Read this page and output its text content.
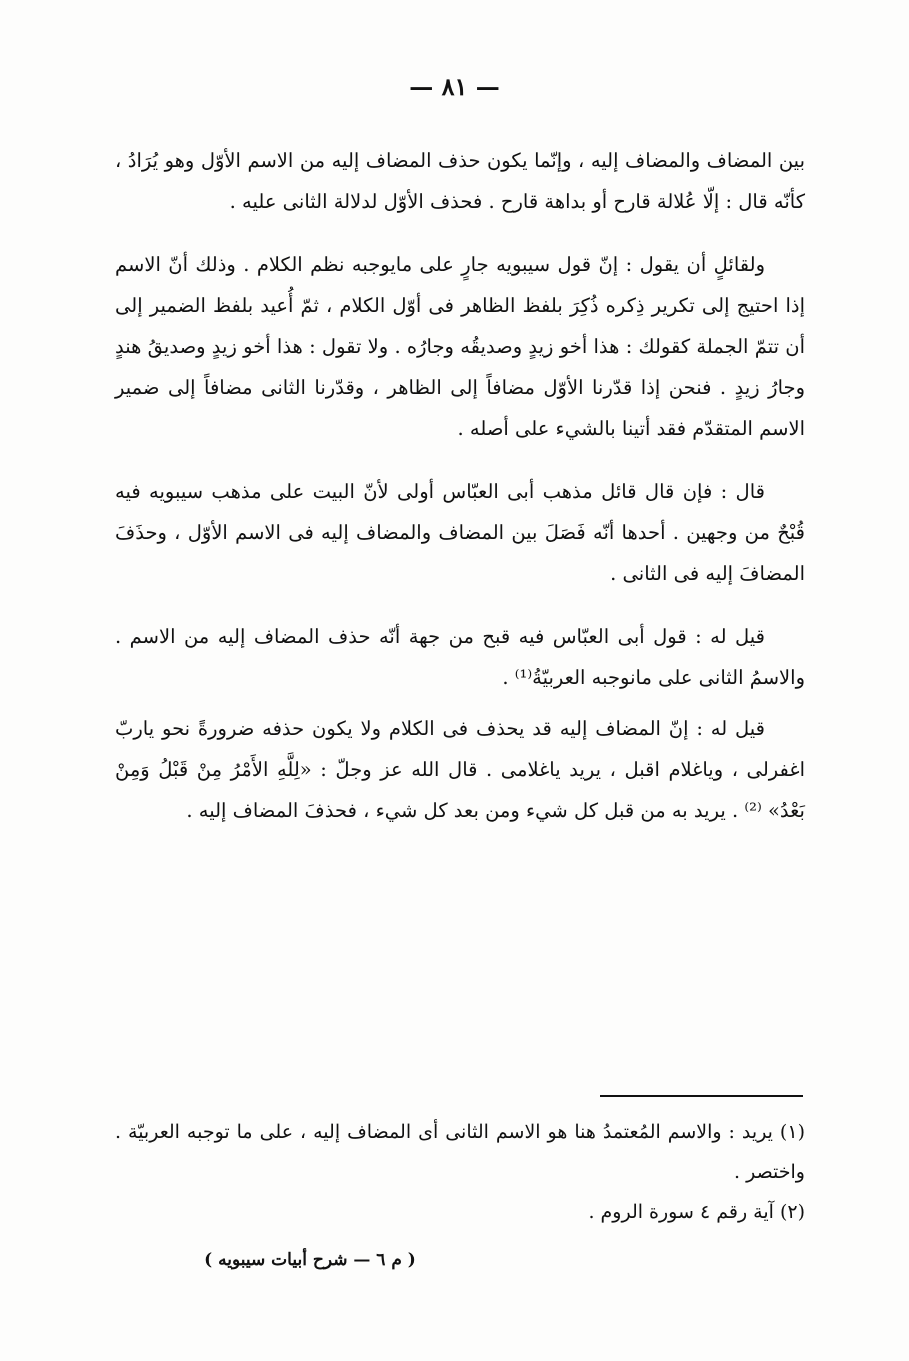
— ٨١ —

بين المضاف والمضاف إليه ، وإنّما يكون حذف المضاف إليه من الاسم الأوّل وهو يُرَادُ ، كأنّه قال : إلّا عُلالة قارح أو بداهة قارح . فحذف الأوّل لدلالة الثانى عليه .

ولقائلٍ أن يقول : إنّ قول سيبويه جارٍ على مايوجبه نظم الكلام . وذلك أنّ الاسم إذا احتيج إلى تكرير ذِكره ذُكِرَ بلفظ الظاهر فى أوّل الكلام ، ثمّ أُعيد بلفظ الضمير إلى أن تتمّ الجملة كقولك : هذا أخو زيدٍ وصديقُه وجارُه . ولا تقول : هذا أخو زيدٍ وصديقُ هندٍ وجارُ زيدٍ . فنحن إذا قدّرنا الأوّل مضافاً إلى الظاهر ، وقدّرنا الثانى مضافاً إلى ضمير الاسم المتقدّم فقد أتينا بالشيء على أصله .

قال : فإن قال قائل مذهب أبى العبّاس أولى لأنّ البيت على مذهب سيبويه فيه قُبْحٌ من وجهين . أحدها أنّه فَصَلَ بين المضاف والمضاف إليه فى الاسم الأوّل ، وحذَفَ المضافَ إليه فى الثانى .

قيل له : قول أبى العبّاس فيه قبح من جهة أنّه حذف المضاف إليه من الاسم . والاسمُ الثانى على مانوجبه العربيّةُ⁽¹⁾ .

قيل له : إنّ المضاف إليه قد يحذف فى الكلام ولا يكون حذفه ضرورةً نحو ياربّ اغفرلى ، وياغلام اقبل ، يريد ياغلامى . قال الله عز وجلّ : «لِلَّهِ الأَمْرُ مِنْ قَبْلُ وَمِنْ بَعْدُ» ⁽²⁾ . يريد به من قبل كل شيء ومن بعد كل شيء ، فحذفَ المضاف إليه .

(١) يريد : والاسم المُعتمدُ هنا هو الاسم الثانى أى المضاف إليه ، على ما توجبه العربيّة . واختصر .

(٢) آية رقم ٤ سورة الروم .

( م ٦ — شرح أبيات سيبويه )
